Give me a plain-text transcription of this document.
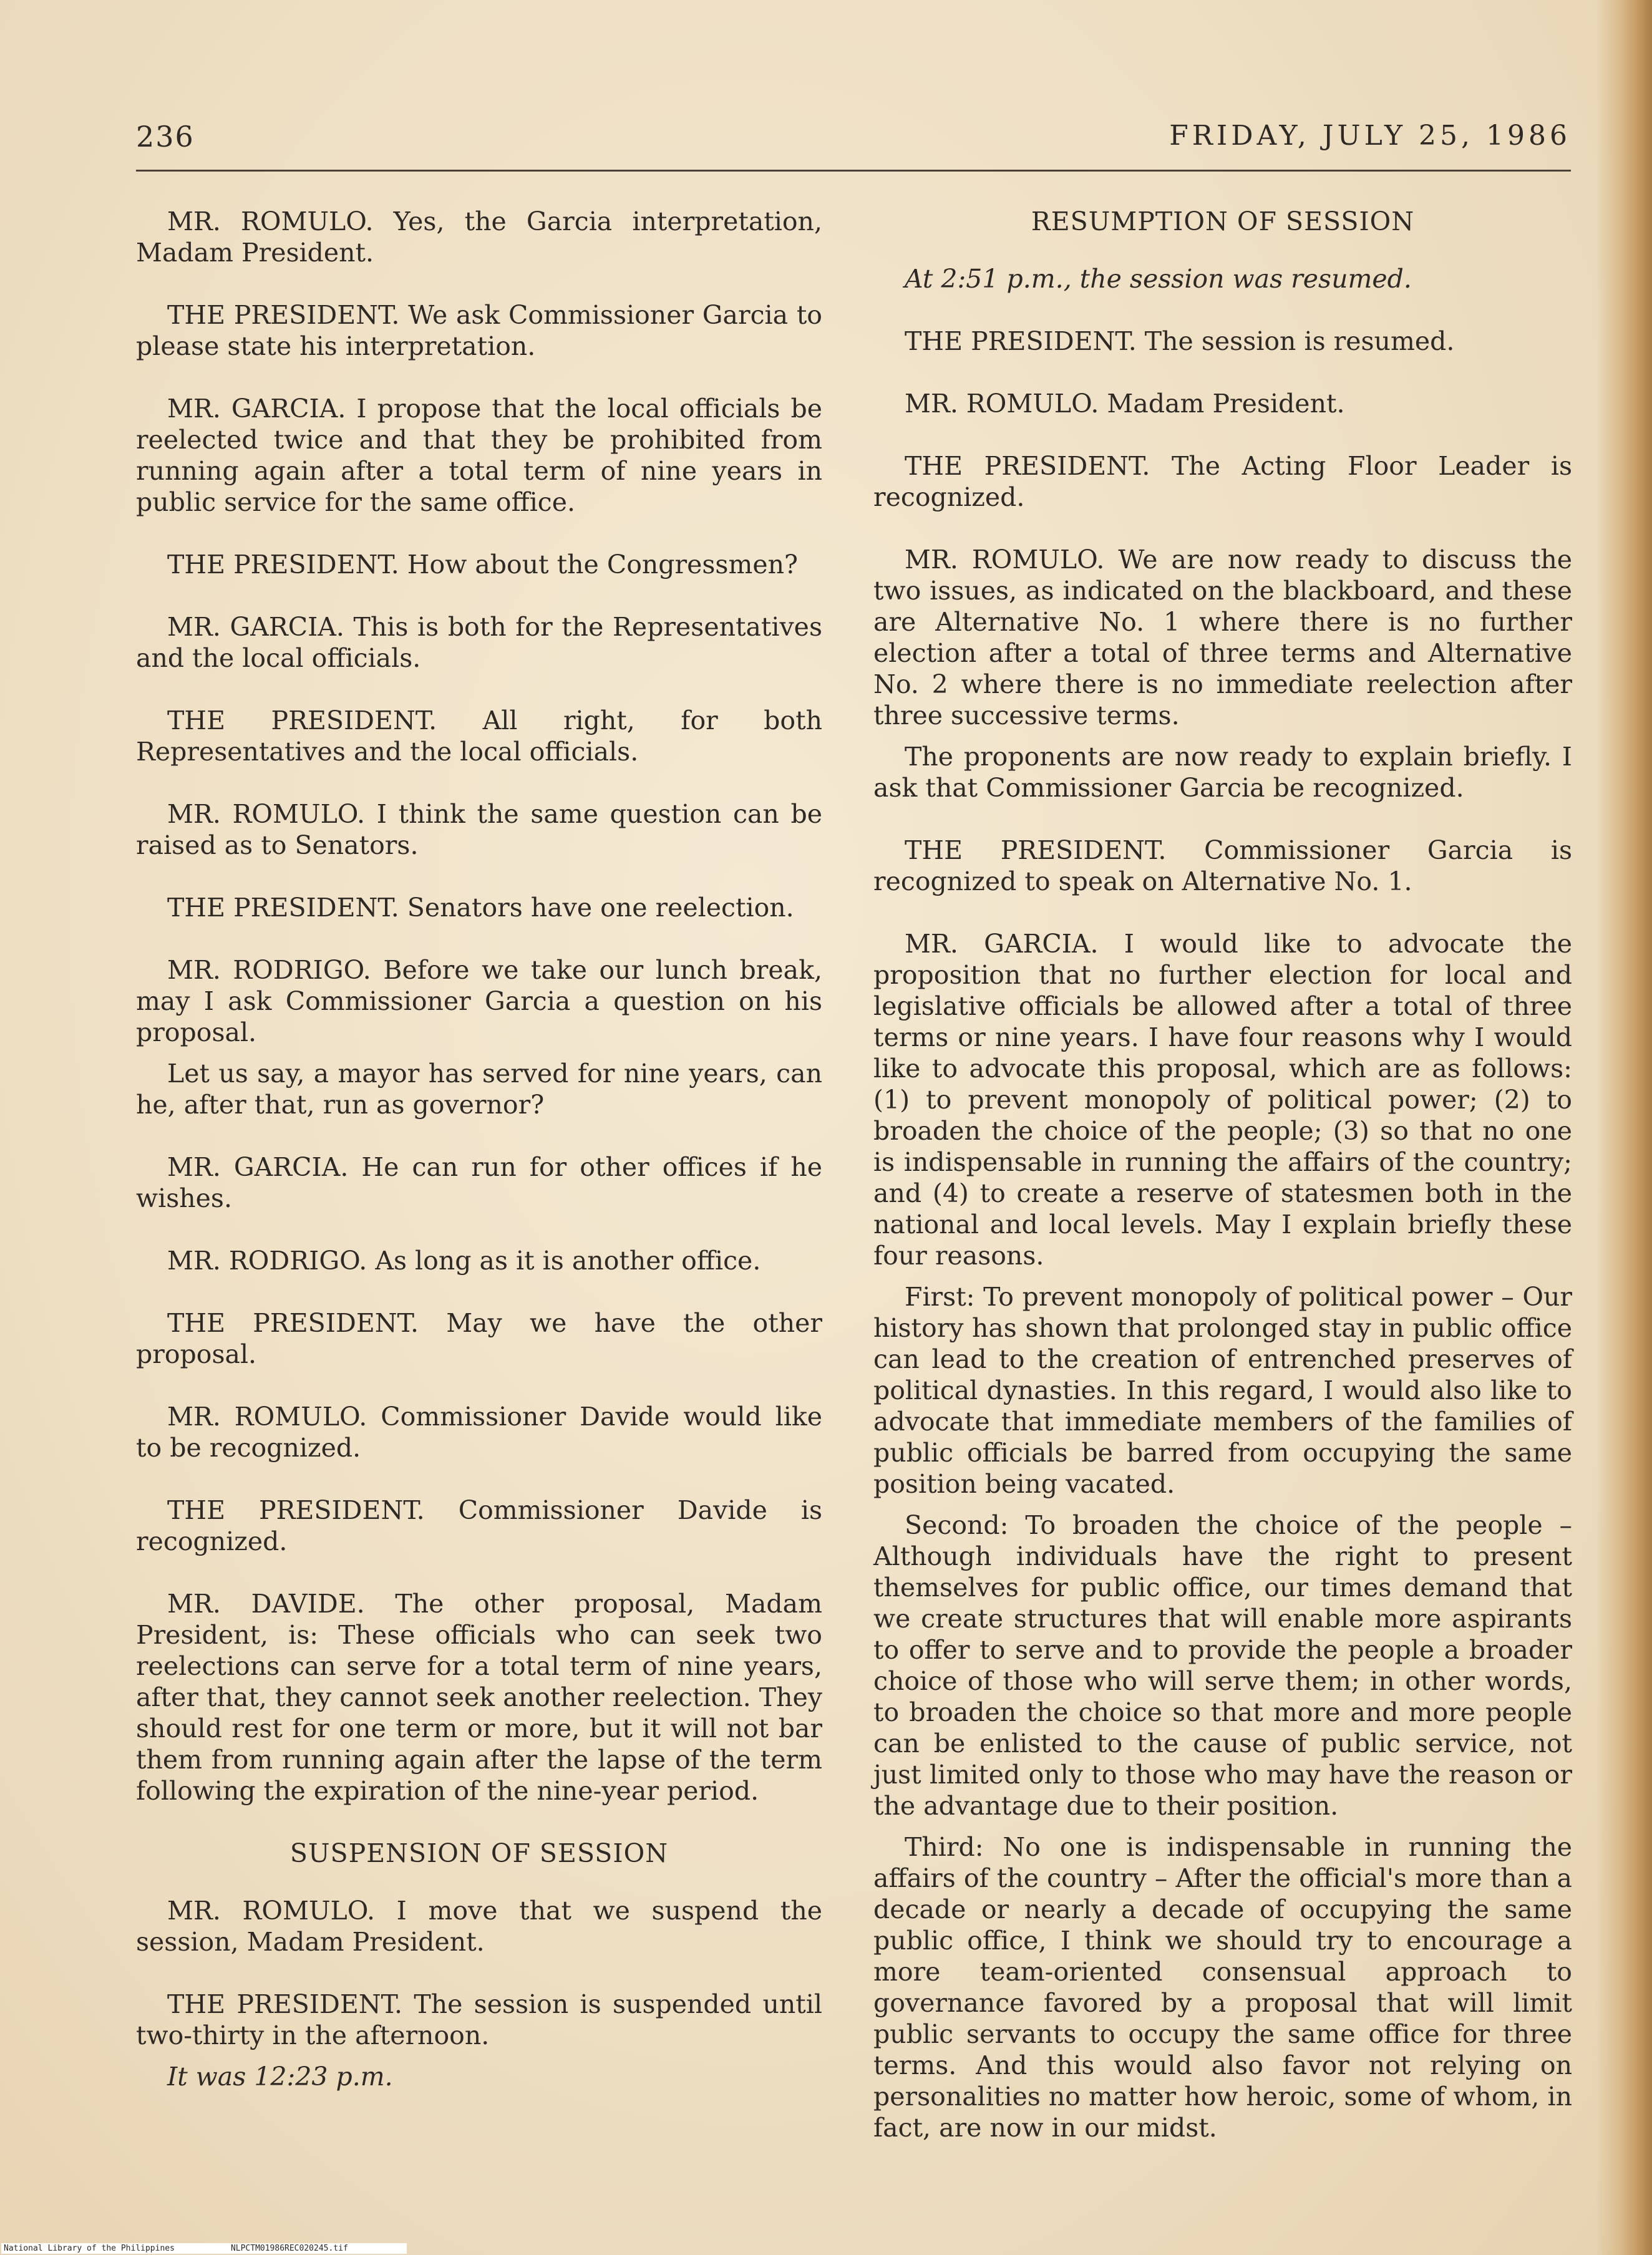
236	FRIDAY, JULY 25, 1986

MR. ROMULO. Yes, the Garcia interpretation, Madam President.

THE PRESIDENT. We ask Commissioner Garcia to please state his interpretation.

MR. GARCIA. I propose that the local officials be reelected twice and that they be prohibited from running again after a total term of nine years in public service for the same office.

THE PRESIDENT. How about the Congressmen?

MR. GARCIA. This is both for the Representatives and the local officials.

THE PRESIDENT. All right, for both Representatives and the local officials.

MR. ROMULO. I think the same question can be raised as to Senators.

THE PRESIDENT. Senators have one reelection.

MR. RODRIGO. Before we take our lunch break, may I ask Commissioner Garcia a question on his proposal.

Let us say, a mayor has served for nine years, can he, after that, run as governor?

MR. GARCIA. He can run for other offices if he wishes.

MR. RODRIGO. As long as it is another office.

THE PRESIDENT. May we have the other proposal.

MR. ROMULO. Commissioner Davide would like to be recognized.

THE PRESIDENT. Commissioner Davide is recognized.

MR. DAVIDE. The other proposal, Madam President, is: These officials who can seek two reelections can serve for a total term of nine years, after that, they cannot seek another reelection. They should rest for one term or more, but it will not bar them from running again after the lapse of the term following the expiration of the nine-year period.

SUSPENSION OF SESSION

MR. ROMULO. I move that we suspend the session, Madam President.

THE PRESIDENT. The session is suspended until two-thirty in the afternoon.

It was 12:23 p.m.

RESUMPTION OF SESSION

At 2:51 p.m., the session was resumed.

THE PRESIDENT. The session is resumed.

MR. ROMULO. Madam President.

THE PRESIDENT. The Acting Floor Leader is recognized.

MR. ROMULO. We are now ready to discuss the two issues, as indicated on the blackboard, and these are Alternative No. 1 where there is no further election after a total of three terms and Alternative No. 2 where there is no immediate reelection after three successive terms.

The proponents are now ready to explain briefly. I ask that Commissioner Garcia be recognized.

THE PRESIDENT. Commissioner Garcia is recognized to speak on Alternative No. 1.

MR. GARCIA. I would like to advocate the proposition that no further election for local and legislative officials be allowed after a total of three terms or nine years. I have four reasons why I would like to advocate this proposal, which are as follows: (1) to prevent monopoly of political power; (2) to broaden the choice of the people; (3) so that no one is indispensable in running the affairs of the country; and (4) to create a reserve of statesmen both in the national and local levels. May I explain briefly these four reasons.

First: To prevent monopoly of political power – Our history has shown that prolonged stay in public office can lead to the creation of entrenched preserves of political dynasties. In this regard, I would also like to advocate that immediate members of the families of public officials be barred from occupying the same position being vacated.

Second: To broaden the choice of the people – Although individuals have the right to present themselves for public office, our times demand that we create structures that will enable more aspirants to offer to serve and to provide the people a broader choice of those who will serve them; in other words, to broaden the choice so that more and more people can be enlisted to the cause of public service, not just limited only to those who may have the reason or the advantage due to their position.

Third: No one is indispensable in running the affairs of the country – After the official's more than a decade or nearly a decade of occupying the same public office, I think we should try to encourage a more team-oriented consensual approach to governance favored by a proposal that will limit public servants to occupy the same office for three terms. And this would also favor not relying on personalities no matter how heroic, some of whom, in fact, are now in our midst.

National Library of the Philippines	NLPCTM01986REC020245.tif
